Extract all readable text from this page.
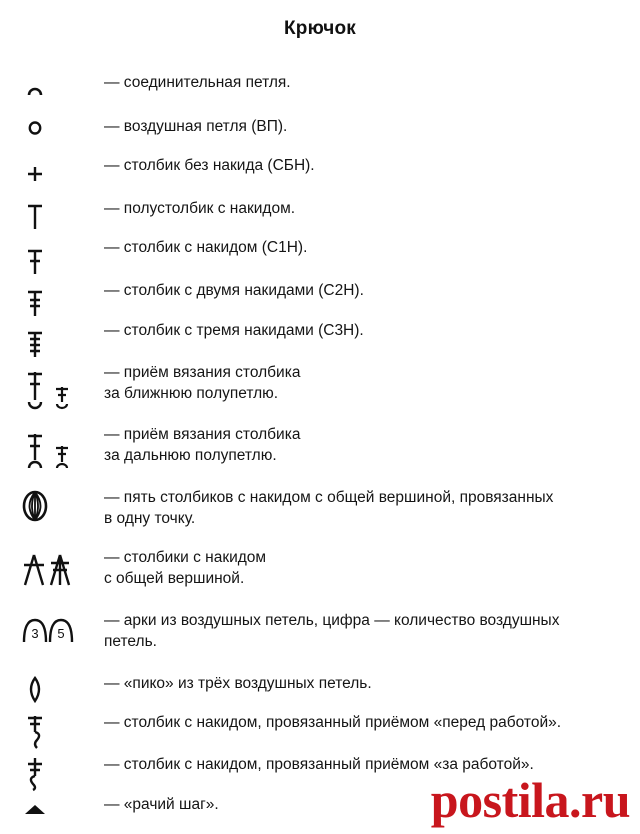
Крючок
— соединительная петля.
— воздушная петля (ВП).
— столбик без накида (СБН).
— полустолбик с накидом.
— столбик с накидом (С1Н).
— столбик с двумя накидами (С2Н).
— столбик с тремя накидами (С3Н).
— приём вязания столбика
за ближнюю полупетлю.
— приём вязания столбика
за дальнюю полупетлю.
— пять столбиков с накидом с общей вершиной, провязанных
в одну точку.
— столбики с накидом
с общей вершиной.
3 5
— арки из воздушных петель, цифра — количество воздушных
петель.
— «пико» из трёх воздушных петель.
— столбик с накидом, провязанный приёмом «перед работой».
— столбик с накидом, провязанный приёмом «за работой».
— «рачий шаг».	postila.ru
